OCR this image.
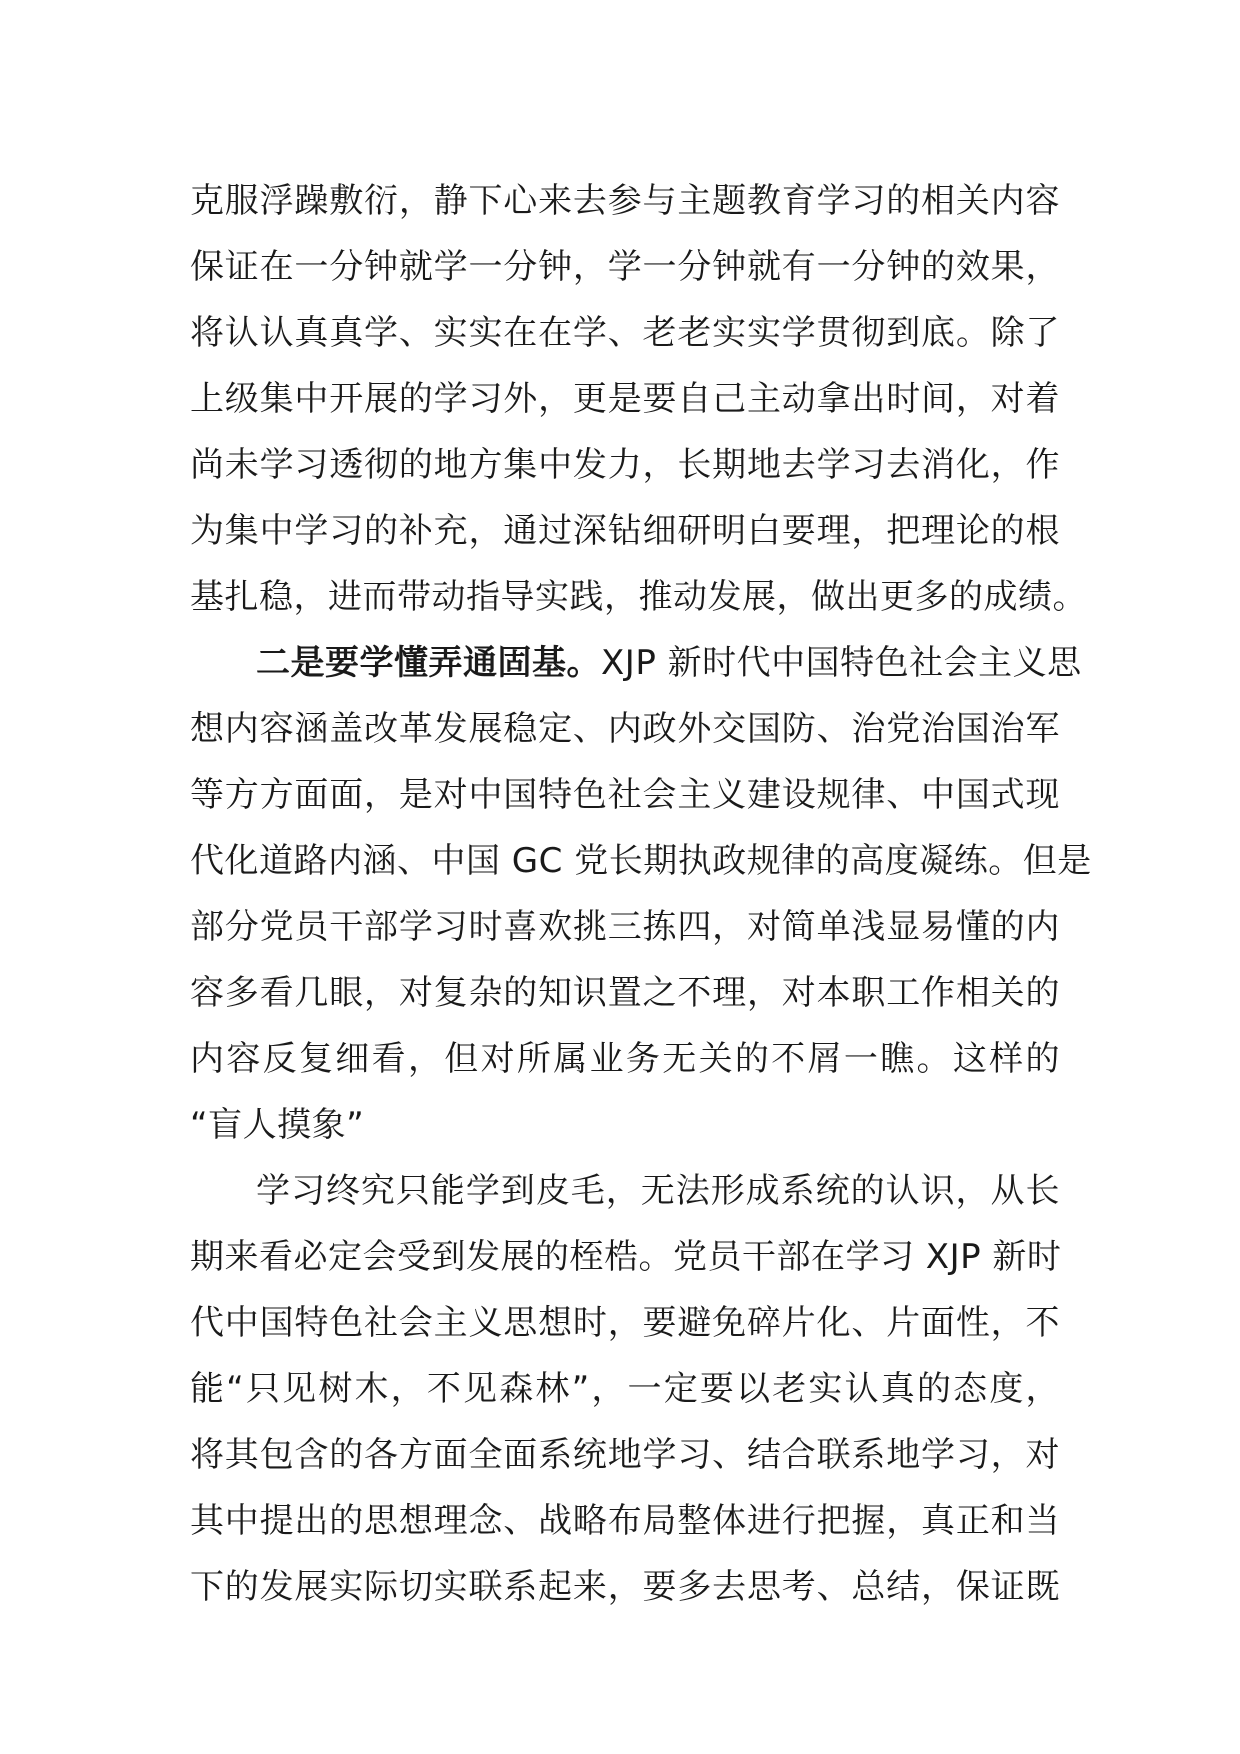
克服浮躁敷衍，静下心来去参与主题教育学习的相关内容
保证在一分钟就学一分钟，学一分钟就有一分钟的效果，
将认认真真学、实实在在学、老老实实学贯彻到底。除了
上级集中开展的学习外，更是要自己主动拿出时间，对着
尚未学习透彻的地方集中发力，长期地去学习去消化，作
为集中学习的补充，通过深钻细研明白要理，把理论的根
基扎稳，进而带动指导实践，推动发展，做出更多的成绩。
二是要学懂弄通固基。XJP 新时代中国特色社会主义思
想内容涵盖改革发展稳定、内政外交国防、治党治国治军
等方方面面，是对中国特色社会主义建设规律、中国式现
代化道路内涵、中国 GC 党长期执政规律的高度凝练。但是
部分党员干部学习时喜欢挑三拣四，对简单浅显易懂的内
容多看几眼，对复杂的知识置之不理，对本职工作相关的
内容反复细看，但对所属业务无关的不屑一瞧。这样的
“盲人摸象”
学习终究只能学到皮毛，无法形成系统的认识，从长
期来看必定会受到发展的桎梏。党员干部在学习 XJP 新时
代中国特色社会主义思想时，要避免碎片化、片面性，不
能“只见树木，不见森林”，一定要以老实认真的态度，
将其包含的各方面全面系统地学习、结合联系地学习，对
其中提出的思想理念、战略布局整体进行把握，真正和当
下的发展实际切实联系起来，要多去思考、总结，保证既
